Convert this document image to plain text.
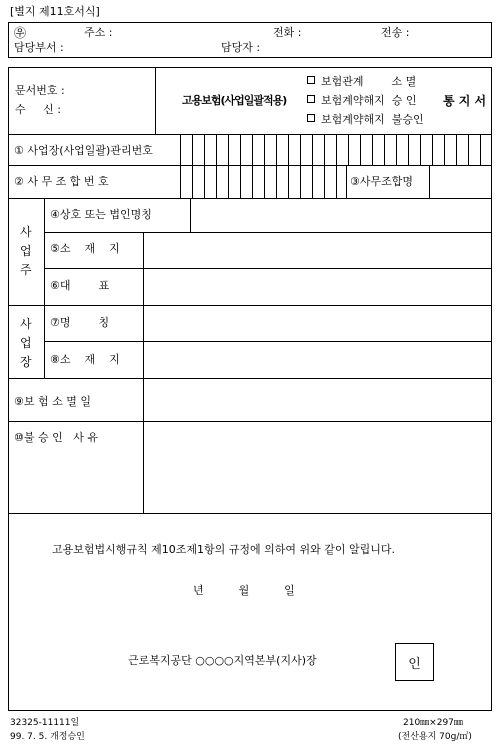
[별지 제11호서식]
㉾	주소 :	전화 :	전송 :
담당부서 :	담당자 :
문서번호 :
수     신 :
고용보험(사업일괄적용)
보험관계        소 멸
보험계약해지  승 인
보험계약해지  불승인
통 지 서
① 사업장(사업일괄)관리번호
② 사 무 조 합 번 호	③사무조합명
사
업
주
④상호 또는 법인명칭
⑤소    재    지
⑥대        표
사
업
장
⑦명        칭
⑧소    재    지
⑨보 험 소 멸 일
⑩불 승 인   사 유
고용보험법시행규칙 제10조제1항의 규정에 의하여 위와 같이 알립니다.
년          월          일
근로복지공단 ○○○○지역본부(지사)장	인
32325-11111일
99. 7. 5. 개정승인
210㎜×297㎜
(전산용지 70g/㎡)
